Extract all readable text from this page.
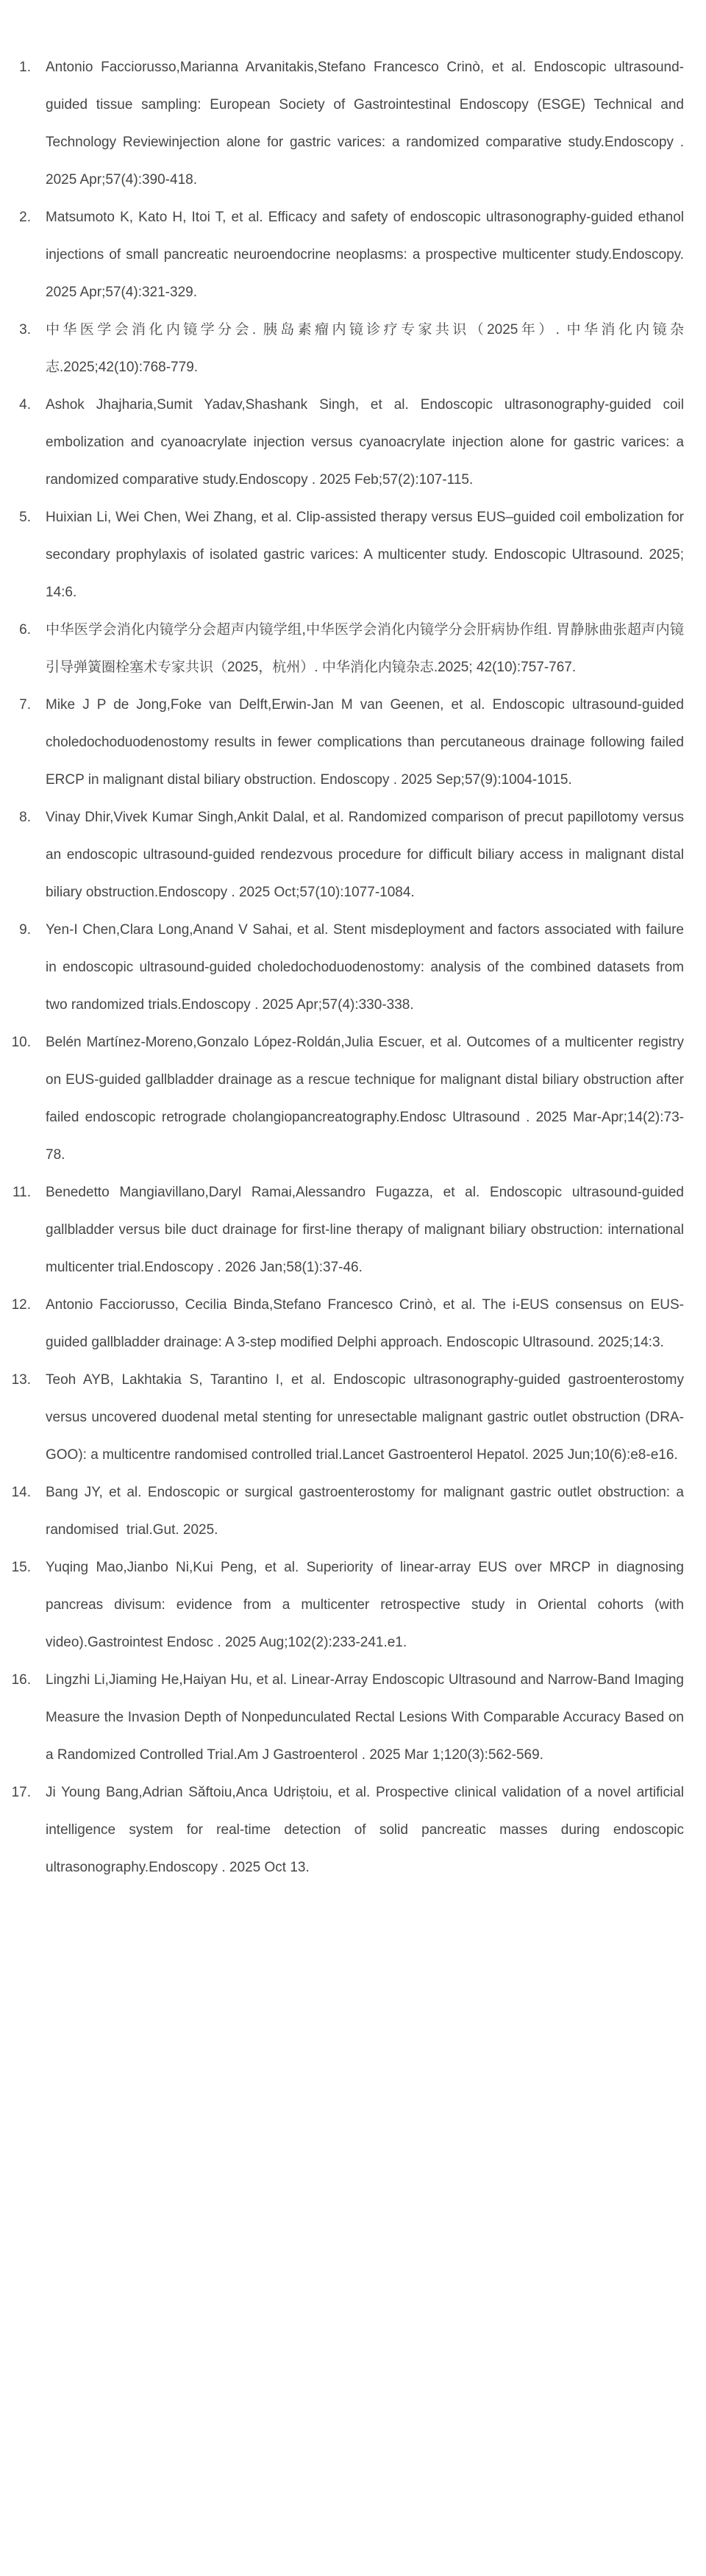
1. Antonio Facciorusso,Marianna Arvanitakis,Stefano Francesco Crinò, et al. Endoscopic ultrasound-guided tissue sampling: European Society of Gastrointestinal Endoscopy (ESGE) Technical and Technology Reviewinjection alone for gastric varices: a randomized comparative study.Endoscopy . 2025 Apr;57(4):390-418.
2. Matsumoto K, Kato H, Itoi T, et al. Efficacy and safety of endoscopic ultrasonography-guided ethanol injections of small pancreatic neuroendocrine neoplasms: a prospective multicenter study.Endoscopy. 2025 Apr;57(4):321-329.
3. 中华医学会消化内镜学分会. 胰岛素瘤内镜诊疗专家共识（2025年）. 中华消化内镜杂志.2025;42(10):768-779.
4. Ashok Jhajharia,Sumit Yadav,Shashank Singh, et al. Endoscopic ultrasonography-guided coil embolization and cyanoacrylate injection versus cyanoacrylate injection alone for gastric varices: a randomized comparative study.Endoscopy . 2025 Feb;57(2):107-115.
5. Huixian Li, Wei Chen, Wei Zhang, et al. Clip-assisted therapy versus EUS–guided coil embolization for secondary prophylaxis of isolated gastric varices: A multicenter study. Endoscopic Ultrasound. 2025; 14:6.
6. 中华医学会消化内镜学分会超声内镜学组,中华医学会消化内镜学分会肝病协作组. 胃静脉曲张超声内镜引导弹簧圈栓塞术专家共识（2025，杭州）. 中华消化内镜杂志.2025; 42(10):757-767.
7. Mike J P de Jong,Foke van Delft,Erwin-Jan M van Geenen, et al. Endoscopic ultrasound-guided choledochoduodenostomy results in fewer complications than percutaneous drainage following failed ERCP in malignant distal biliary obstruction. Endoscopy . 2025 Sep;57(9):1004-1015.
8. Vinay Dhir,Vivek Kumar Singh,Ankit Dalal, et al. Randomized comparison of precut papillotomy versus an endoscopic ultrasound-guided rendezvous procedure for difficult biliary access in malignant distal biliary obstruction.Endoscopy . 2025 Oct;57(10):1077-1084.
9. Yen-I Chen,Clara Long,Anand V Sahai, et al. Stent misdeployment and factors associated with failure in endoscopic ultrasound-guided choledochoduodenostomy: analysis of the combined datasets from two randomized trials.Endoscopy . 2025 Apr;57(4):330-338.
10. Belén Martínez-Moreno,Gonzalo López-Roldán,Julia Escuer, et al. Outcomes of a multicenter registry on EUS-guided gallbladder drainage as a rescue technique for malignant distal biliary obstruction after failed endoscopic retrograde cholangiopancreatography.Endosc Ultrasound . 2025 Mar-Apr;14(2):73-78.
11. Benedetto Mangiavillano,Daryl Ramai,Alessandro Fugazza, et al. Endoscopic ultrasound-guided gallbladder versus bile duct drainage for first-line therapy of malignant biliary obstruction: international multicenter trial.Endoscopy . 2026 Jan;58(1):37-46.
12. Antonio Facciorusso, Cecilia Binda,Stefano Francesco Crinò, et al. The i-EUS consensus on EUS-guided gallbladder drainage: A 3-step modified Delphi approach. Endoscopic Ultrasound. 2025;14:3.
13. Teoh AYB, Lakhtakia S, Tarantino I, et al. Endoscopic ultrasonography-guided gastroenterostomy versus uncovered duodenal metal stenting for unresectable malignant gastric outlet obstruction (DRA-GOO): a multicentre randomised controlled trial.Lancet Gastroenterol Hepatol. 2025 Jun;10(6):e8-e16.
14. Bang JY, et al. Endoscopic or surgical gastroenterostomy for malignant gastric outlet obstruction: a randomised  trial.Gut. 2025.
15. Yuqing Mao,Jianbo Ni,Kui Peng, et al. Superiority of linear-array EUS over MRCP in diagnosing pancreas divisum: evidence from a multicenter retrospective study in Oriental cohorts (with video).Gastrointest Endosc . 2025 Aug;102(2):233-241.e1.
16. Lingzhi Li,Jiaming He,Haiyan Hu, et al. Linear-Array Endoscopic Ultrasound and Narrow-Band Imaging Measure the Invasion Depth of Nonpedunculated Rectal Lesions With Comparable Accuracy Based on a Randomized Controlled Trial.Am J Gastroenterol . 2025 Mar 1;120(3):562-569.
17. Ji Young Bang,Adrian Săftoiu,Anca Udriștoiu, et al. Prospective clinical validation of a novel artificial intelligence system for real-time detection of solid pancreatic masses during endoscopic ultrasonography.Endoscopy . 2025 Oct 13.
